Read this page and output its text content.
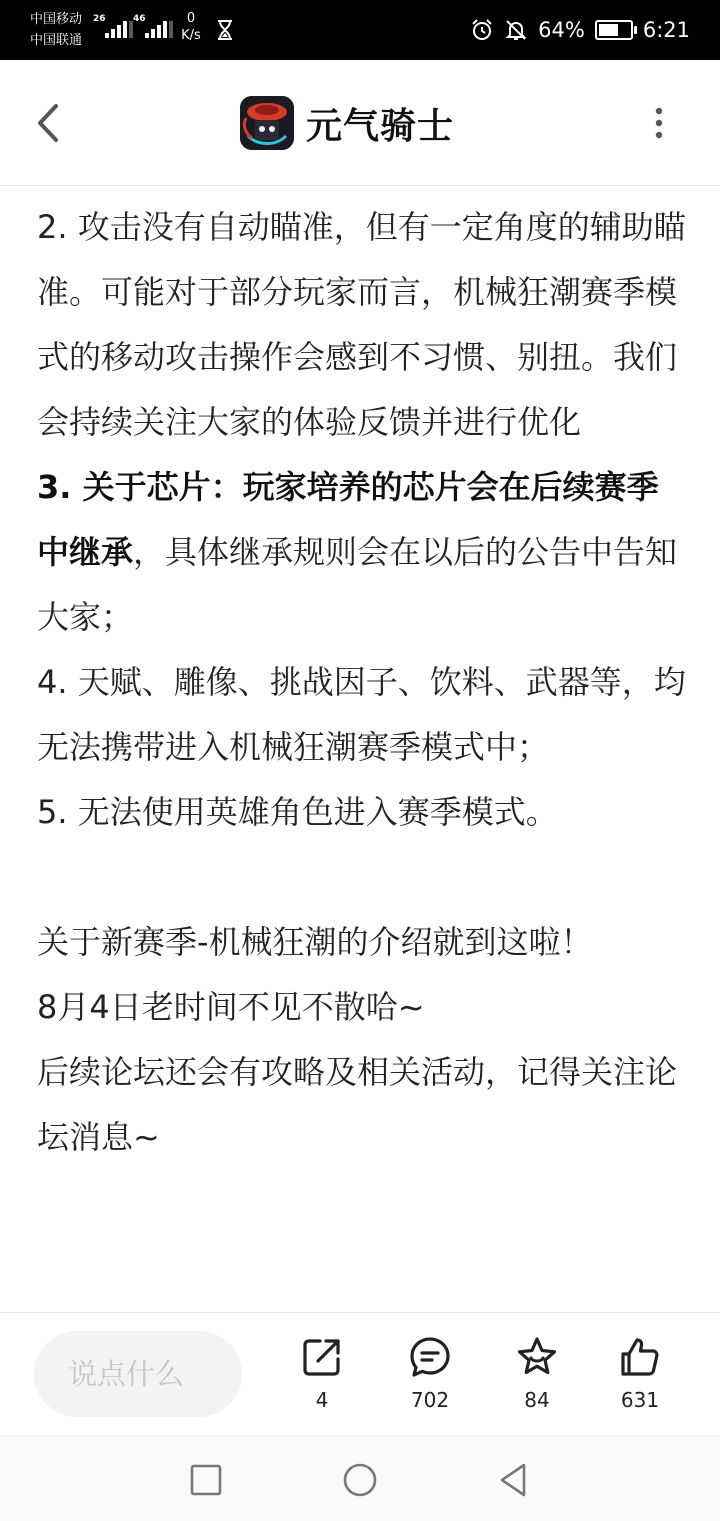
中国移动
中国联通
26	46	0
K/s	64%	6:21
元气骑士

2. 攻击没有自动瞄准，但有一定角度的辅助瞄准。可能对于部分玩家而言，机械狂潮赛季模式的移动攻击操作会感到不习惯、别扭。我们会持续关注大家的体验反馈并进行优化

3. 关于芯片：玩家培养的芯片会在后续赛季中继承，具体继承规则会在以后的公告中告知大家；

4. 天赋、雕像、挑战因子、饮料、武器等，均无法携带进入机械狂潮赛季模式中；

5. 无法使用英雄角色进入赛季模式。

关于新赛季-机械狂潮的介绍就到这啦！

8月4日老时间不见不散哈~

后续论坛还会有攻略及相关活动，记得关注论坛消息~

说点什么
4	702	84	631
